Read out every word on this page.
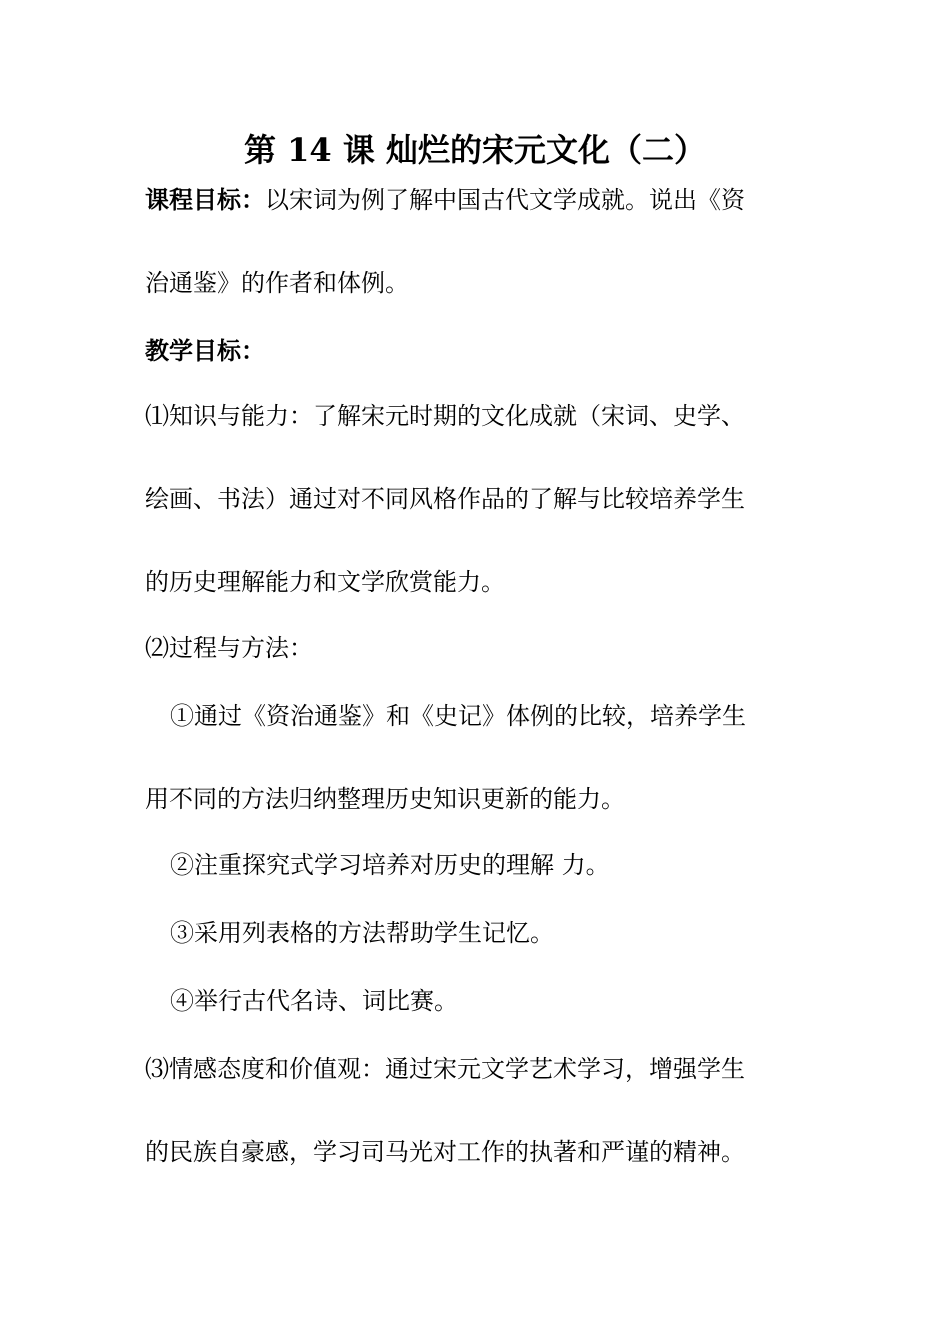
第 14 课 灿烂的宋元文化（二）
课程目标：以宋词为例了解中国古代文学成就。说出《资
治通鉴》的作者和体例。
教学目标：
⑴知识与能力：了解宋元时期的文化成就（宋词、史学、
绘画、书法）通过对不同风格作品的了解与比较培养学生
的历史理解能力和文学欣赏能力。
⑵过程与方法：
①通过《资治通鉴》和《史记》体例的比较，培养学生
用不同的方法归纳整理历史知识更新的能力。
②注重探究式学习培养对历史的理解 力。
③采用列表格的方法帮助学生记忆。
④举行古代名诗、词比赛。
⑶情感态度和价值观：通过宋元文学艺术学习，增强学生
的民族自豪感，学习司马光对工作的执著和严谨的精神。
